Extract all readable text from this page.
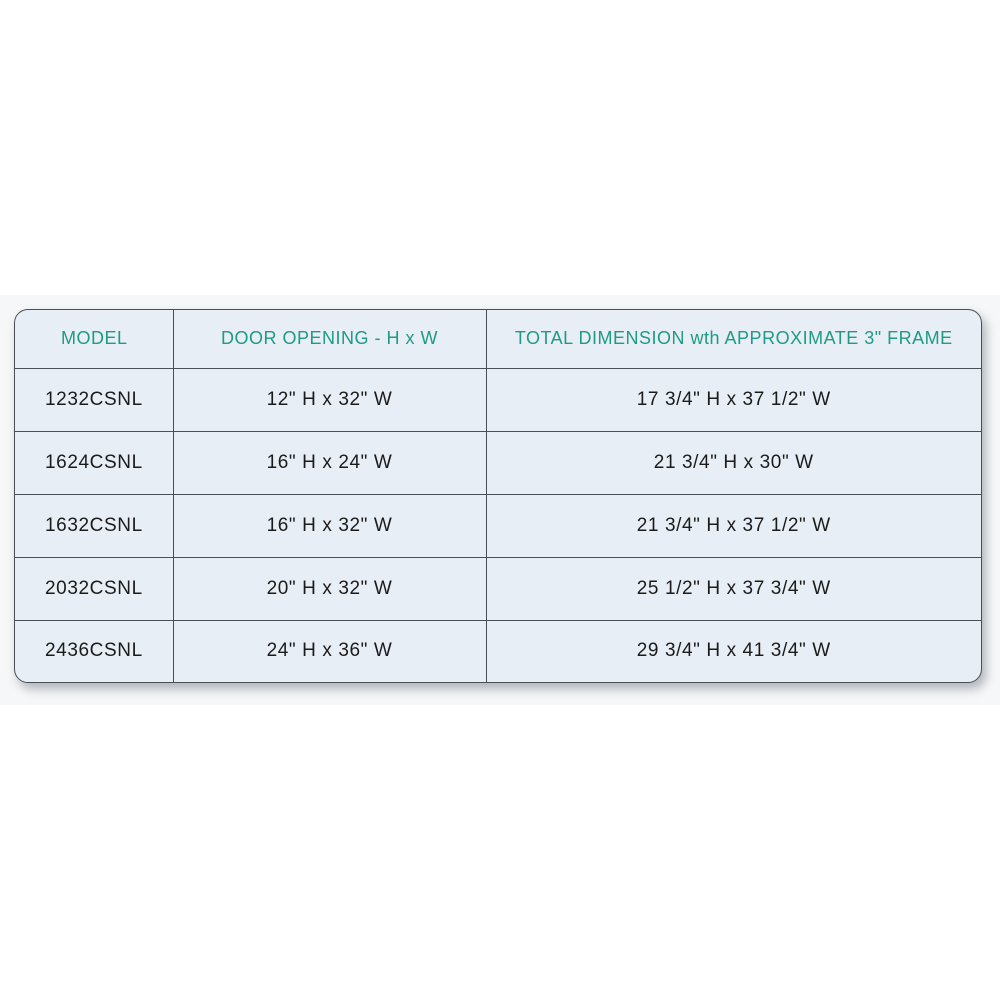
MODEL	DOOR OPENING - H x W	TOTAL DIMENSION wth APPROXIMATE 3" FRAME
1232CSNL	12" H x 32" W	17 3/4" H x 37 1/2" W
1624CSNL	16" H x 24" W	21 3/4" H x 30" W
1632CSNL	16" H x 32" W	21 3/4" H x 37 1/2" W
2032CSNL	20" H x 32" W	25 1/2" H x 37 3/4" W
2436CSNL	24" H x 36" W	29 3/4" H x 41 3/4" W
